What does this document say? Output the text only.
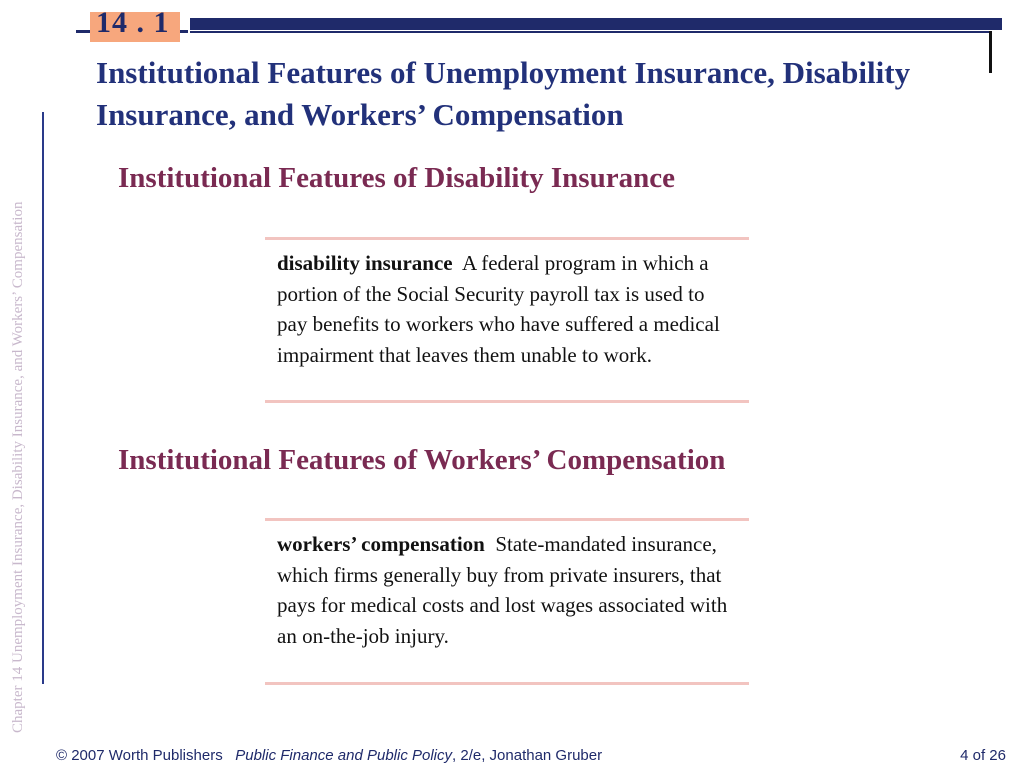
14 . 1
Institutional Features of Unemployment Insurance, Disability Insurance, and Workers’ Compensation
Chapter 14 Unemployment Insurance, Disability Insurance, and Workers’ Compensation
Institutional Features of Disability Insurance
disability insurance A federal program in which a portion of the Social Security payroll tax is used to pay benefits to workers who have suffered a medical impairment that leaves them unable to work.
Institutional Features of Workers’ Compensation
workers’ compensation State-mandated insurance, which firms generally buy from private insurers, that pays for medical costs and lost wages associated with an on-the-job injury.
© 2007 Worth Publishers Public Finance and Public Policy, 2/e, Jonathan Gruber	4 of 26
